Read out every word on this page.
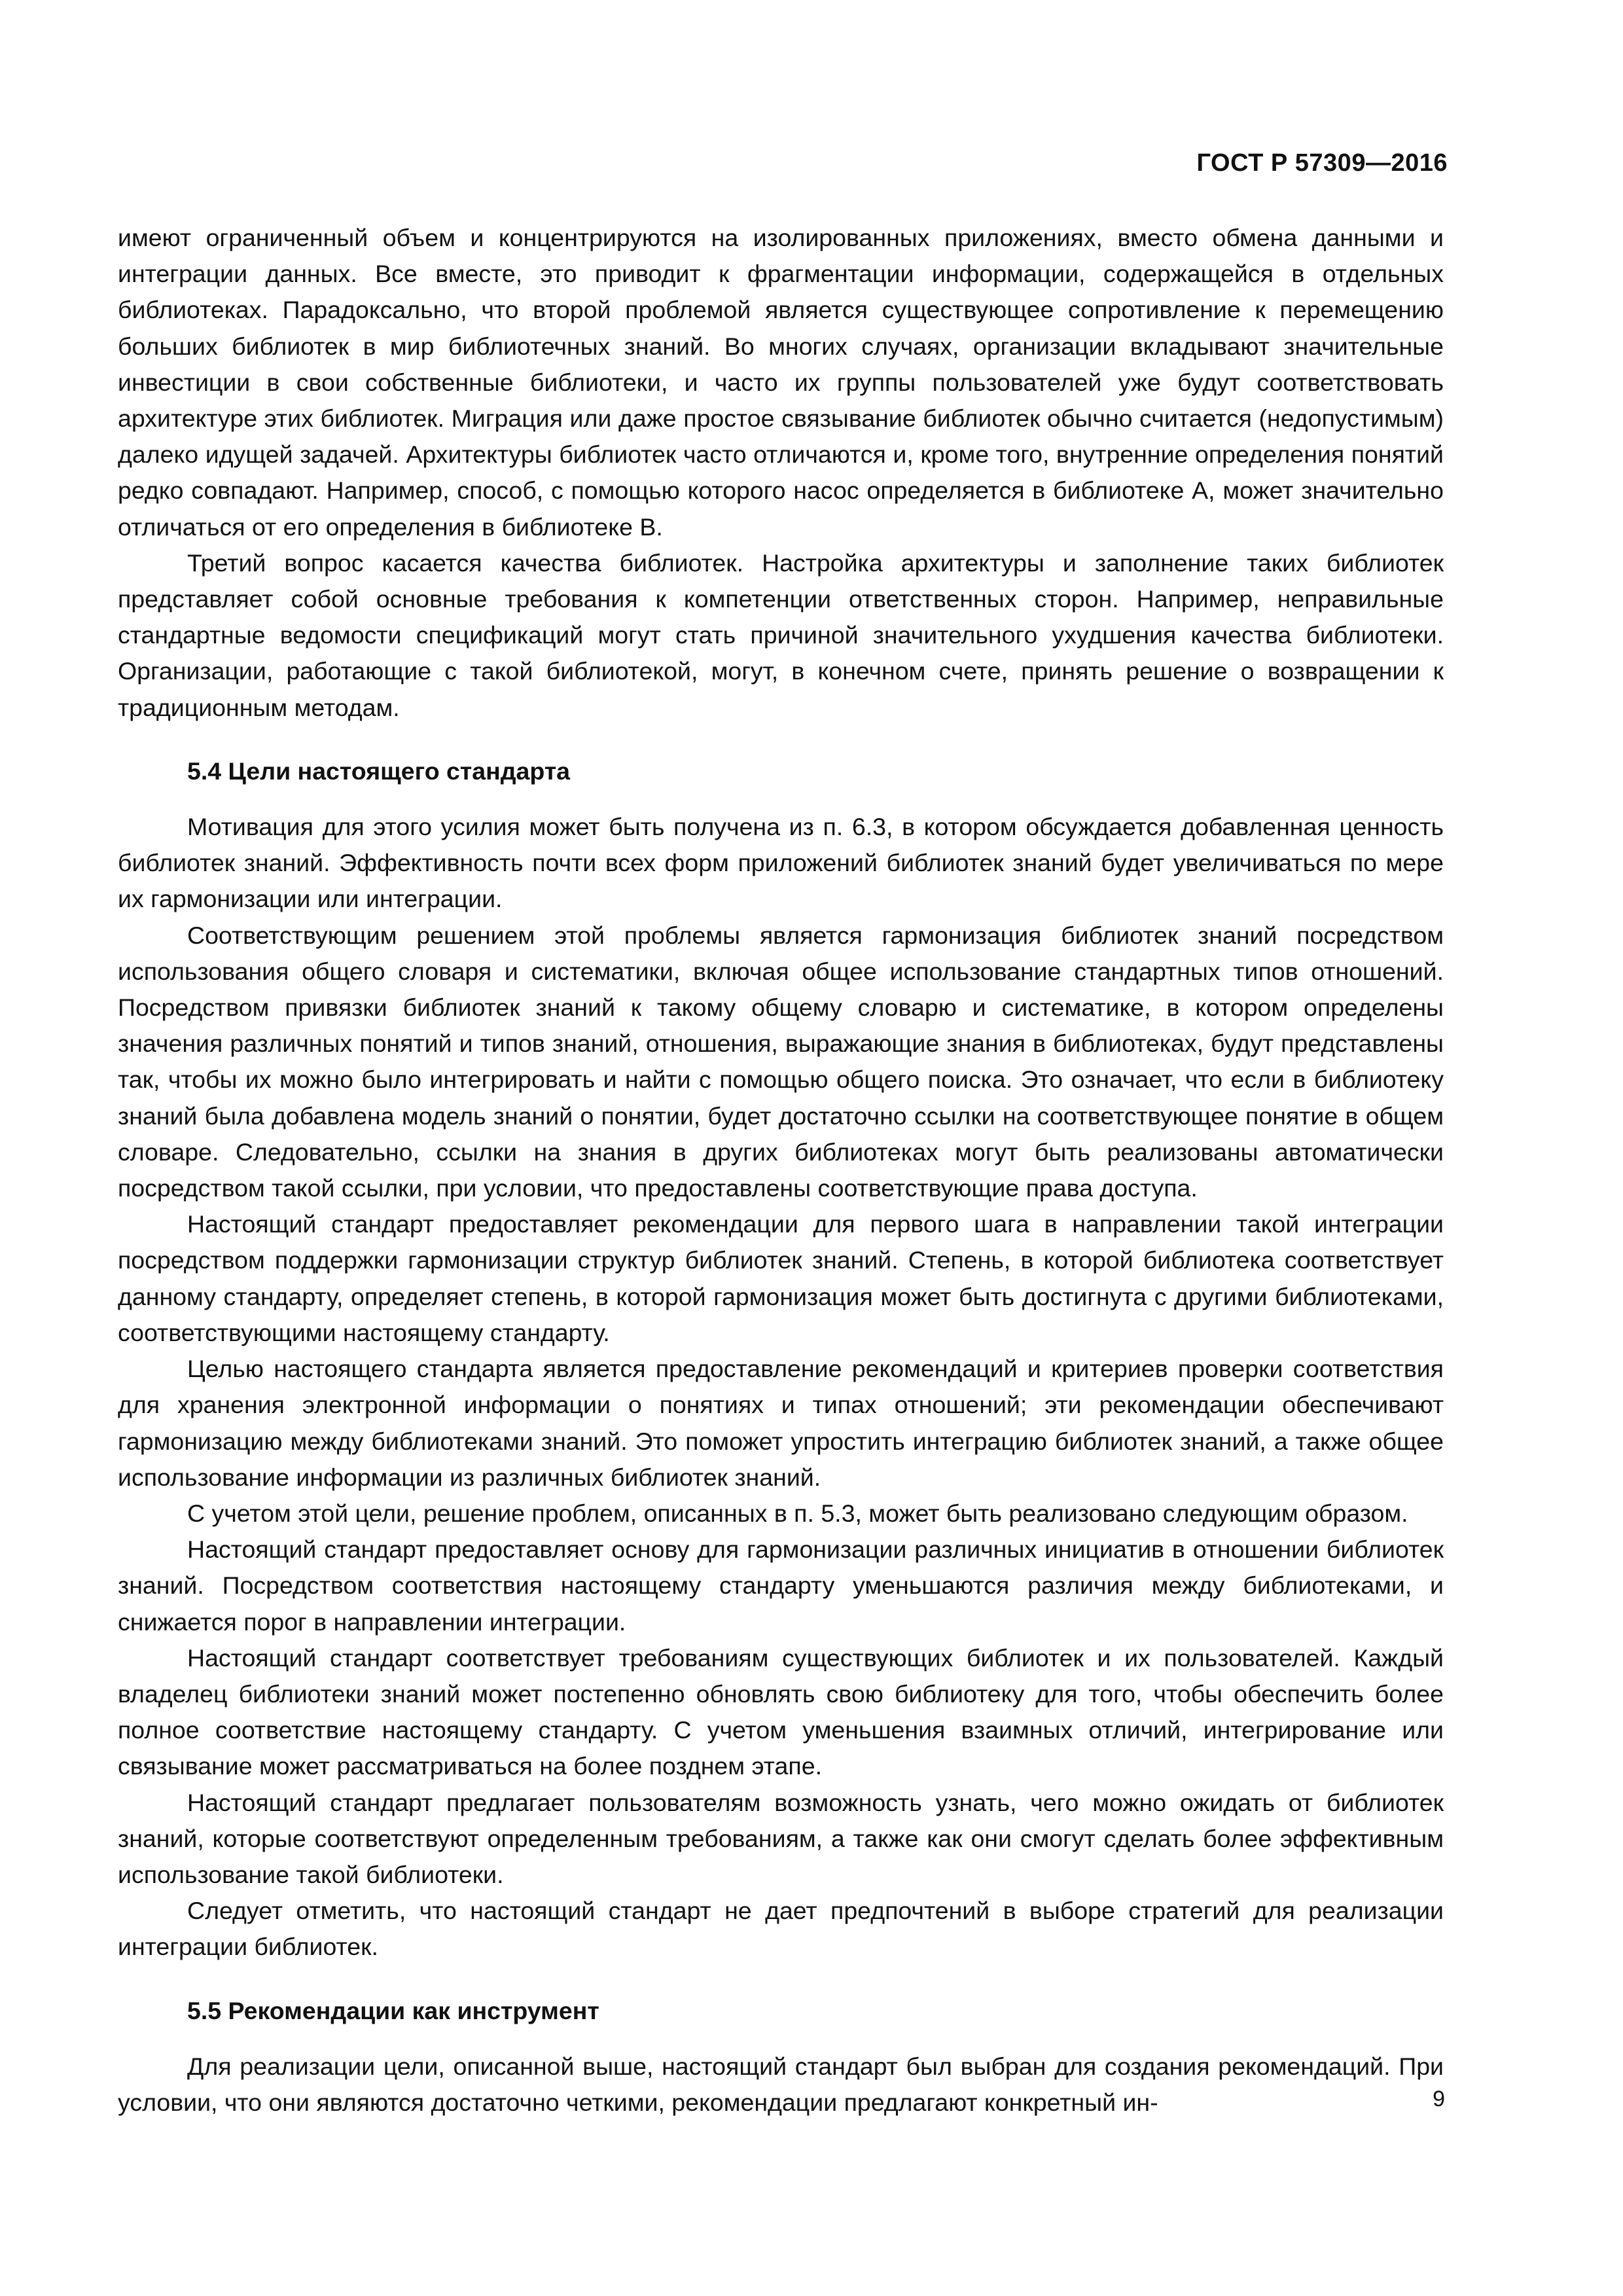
ГОСТ Р 57309—2016

имеют ограниченный объем и концентрируются на изолированных приложениях, вместо обмена данными и интеграции данных. Все вместе, это приводит к фрагментации информации, содержащейся в отдельных библиотеках. Парадоксально, что второй проблемой является существующее сопротивление к перемещению больших библиотек в мир библиотечных знаний. Во многих случаях, организации вкладывают значительные инвестиции в свои собственные библиотеки, и часто их группы пользователей уже будут соответствовать архитектуре этих библиотек. Миграция или даже простое связывание библиотек обычно считается (недопустимым) далеко идущей задачей. Архитектуры библиотек часто отличаются и, кроме того, внутренние определения понятий редко совпадают. Например, способ, с помощью которого насос определяется в библиотеке А, может значительно отличаться от его определения в библиотеке В.

Третий вопрос касается качества библиотек. Настройка архитектуры и заполнение таких библиотек представляет собой основные требования к компетенции ответственных сторон. Например, неправильные стандартные ведомости спецификаций могут стать причиной значительного ухудшения качества библиотеки. Организации, работающие с такой библиотекой, могут, в конечном счете, принять решение о возвращении к традиционным методам.

5.4 Цели настоящего стандарта

Мотивация для этого усилия может быть получена из п. 6.3, в котором обсуждается добавленная ценность библиотек знаний. Эффективность почти всех форм приложений библиотек знаний будет увеличиваться по мере их гармонизации или интеграции.

Соответствующим решением этой проблемы является гармонизация библиотек знаний посредством использования общего словаря и систематики, включая общее использование стандартных типов отношений. Посредством привязки библиотек знаний к такому общему словарю и систематике, в котором определены значения различных понятий и типов знаний, отношения, выражающие знания в библиотеках, будут представлены так, чтобы их можно было интегрировать и найти с помощью общего поиска. Это означает, что если в библиотеку знаний была добавлена модель знаний о понятии, будет достаточно ссылки на соответствующее понятие в общем словаре. Следовательно, ссылки на знания в других библиотеках могут быть реализованы автоматически посредством такой ссылки, при условии, что предоставлены соответствующие права доступа.

Настоящий стандарт предоставляет рекомендации для первого шага в направлении такой интеграции посредством поддержки гармонизации структур библиотек знаний. Степень, в которой библиотека соответствует данному стандарту, определяет степень, в которой гармонизация может быть достигнута с другими библиотеками, соответствующими настоящему стандарту.

Целью настоящего стандарта является предоставление рекомендаций и критериев проверки соответствия для хранения электронной информации о понятиях и типах отношений; эти рекомендации обеспечивают гармонизацию между библиотеками знаний. Это поможет упростить интеграцию библиотек знаний, а также общее использование информации из различных библиотек знаний.

С учетом этой цели, решение проблем, описанных в п. 5.3, может быть реализовано следующим образом.

Настоящий стандарт предоставляет основу для гармонизации различных инициатив в отношении библиотек знаний. Посредством соответствия настоящему стандарту уменьшаются различия между библиотеками, и снижается порог в направлении интеграции.

Настоящий стандарт соответствует требованиям существующих библиотек и их пользователей. Каждый владелец библиотеки знаний может постепенно обновлять свою библиотеку для того, чтобы обеспечить более полное соответствие настоящему стандарту. С учетом уменьшения взаимных отличий, интегрирование или связывание может рассматриваться на более позднем этапе.

Настоящий стандарт предлагает пользователям возможность узнать, чего можно ожидать от библиотек знаний, которые соответствуют определенным требованиям, а также как они смогут сделать более эффективным использование такой библиотеки.

Следует отметить, что настоящий стандарт не дает предпочтений в выборе стратегий для реализации интеграции библиотек.

5.5 Рекомендации как инструмент

Для реализации цели, описанной выше, настоящий стандарт был выбран для создания рекомендаций. При условии, что они являются достаточно четкими, рекомендации предлагают конкретный ин-	9
